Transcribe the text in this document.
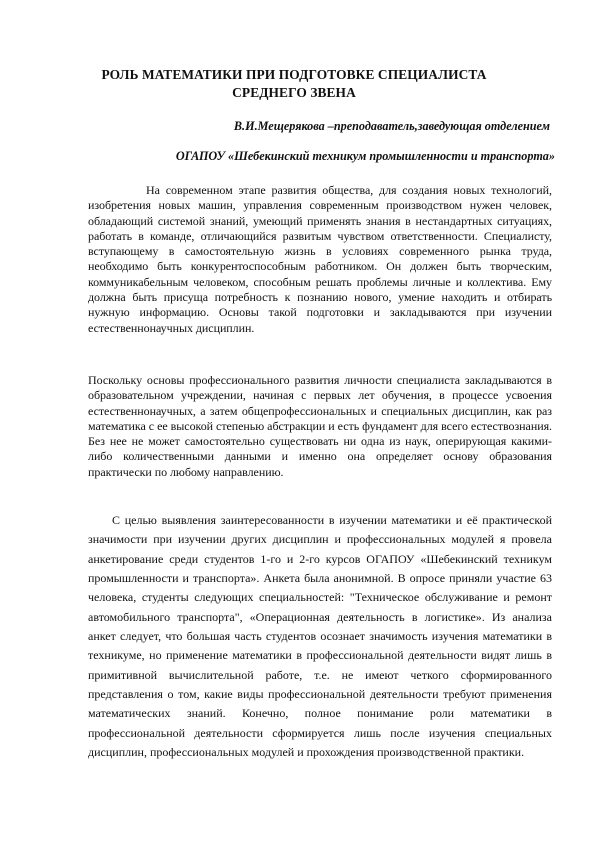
РОЛЬ МАТЕМАТИКИ ПРИ ПОДГОТОВКЕ СПЕЦИАЛИСТА
СРЕДНЕГО ЗВЕНА
В.И.Мещерякова –преподаватель,заведующая отделением
ОГАПОУ «Шебекинский техникум промышленности и транспорта»
На современном этапе развития общества, для создания новых технологий, изобретения новых машин, управления современным производством нужен человек, обладающий системой знаний, умеющий применять знания в нестандартных ситуациях, работать в команде, отличающийся развитым чувством ответственности. Специалисту, вступающему в самостоятельную жизнь в условиях современного рынка труда, необходимо быть конкурентоспособным работником. Он должен быть творческим, коммуникабельным человеком, способным решать проблемы личные и коллектива. Ему должна быть присуща потребность к познанию нового, умение находить и отбирать нужную информацию. Основы такой подготовки и закладываются при изучении естественнонаучных дисциплин.
Поскольку основы профессионального развития личности специалиста закладываются в образовательном учреждении, начиная с первых лет обучения, в процессе усвоения естественнонаучных, а затем общепрофессиональных и специальных дисциплин, как раз математика с ее высокой степенью абстракции и есть фундамент для всего естествознания. Без нее не может самостоятельно существовать ни одна из наук, оперирующая какими-либо количественными данными и именно она определяет основу образования практически по любому направлению.
С целью выявления заинтересованности в изучении математики и её практической значимости при изучении других дисциплин и профессиональных модулей я провела анкетирование среди студентов 1-го и 2-го курсов ОГАПОУ «Шебекинский техникум промышленности и транспорта». Анкета была анонимной. В опросе приняли участие 63 человека, студенты следующих специальностей: "Техническое обслуживание и ремонт автомобильного транспорта", «Операционная деятельность в логистике». Из анализа анкет следует, что большая часть студентов осознает значимость изучения математики в техникуме, но применение математики в профессиональной деятельности видят лишь в примитивной вычислительной работе, т.е. не имеют четкого сформированного представления о том, какие виды профессиональной деятельности требуют применения математических знаний. Конечно, полное понимание роли математики в профессиональной деятельности сформируется лишь после изучения специальных дисциплин, профессиональных модулей и прохождения производственной практики.
